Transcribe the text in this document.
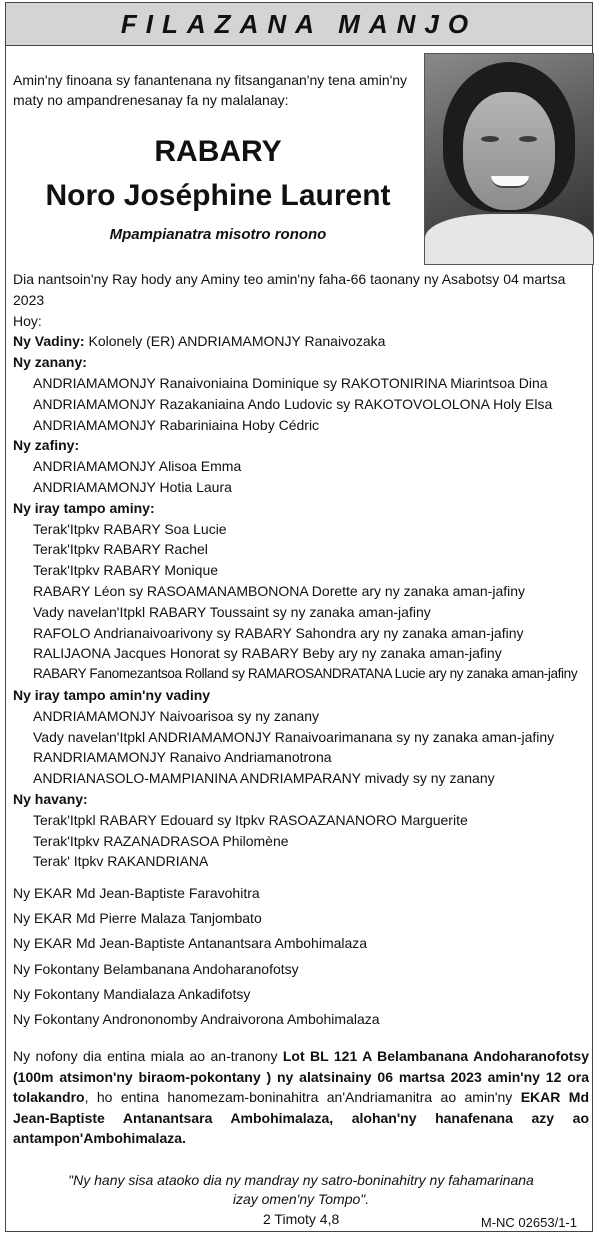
FILAZANA MANJO
Amin'ny finoana sy fanantenana ny fitsanganan'ny tena amin'ny maty no ampandrenesanay fa ny malalanay:
RABARY
Noro Joséphine Laurent
Mpampianatra misotro ronono
Dia nantsoin'ny Ray hody any Aminy teo amin'ny faha-66 taonany ny Asabotsy 04 martsa
2023
Hoy:
Ny Vadiny: Kolonely (ER) ANDRIAMAMONJY Ranaivozaka
Ny zanany:
ANDRIAMAMONJY Ranaivoniaina Dominique sy RAKOTONIRINA Miarintsoa Dina
ANDRIAMAMONJY Razakaniaina Ando Ludovic sy RAKOTOVOLOLONA Holy Elsa
ANDRIAMAMONJY Rabariniaina Hoby Cédric
Ny zafiny:
ANDRIAMAMONJY Alisoa Emma
ANDRIAMAMONJY Hotia Laura
Ny iray tampo aminy:
Terak'Itpkv RABARY Soa Lucie
Terak'Itpkv RABARY Rachel
Terak'Itpkv RABARY Monique
RABARY Léon sy RASOAMANAMBONONA Dorette ary ny zanaka aman-jafiny
Vady navelan'Itpkl RABARY Toussaint sy ny zanaka aman-jafiny
RAFOLO Andrianaivoarivony sy RABARY Sahondra ary ny zanaka aman-jafiny
RALIJAONA Jacques Honorat sy RABARY Beby ary ny zanaka aman-jafiny
RABARY Fanomezantsoa Rolland sy RAMAROSANDRATANA Lucie ary ny zanaka aman-jafiny
Ny iray tampo amin'ny vadiny
ANDRIAMAMONJY Naivoarisoa sy ny zanany
Vady navelan'Itpkl ANDRIAMAMONJY Ranaivoarimanana sy ny zanaka aman-jafiny
RANDRIAMAMONJY Ranaivo Andriamanotrona
ANDRIANASOLO-MAMPIANINA ANDRIAMPARANY mivady sy ny zanany
Ny havany:
Terak'Itpkl RABARY Edouard sy Itpkv RASOAZANANORO Marguerite
Terak'Itpkv RAZANADRASOA Philomène
Terak' Itpkv RAKANDRIANA
Ny EKAR Md Jean-Baptiste Faravohitra
Ny EKAR Md Pierre Malaza Tanjombato
Ny EKAR Md Jean-Baptiste Antanantsara Ambohimalaza
Ny Fokontany Belambanana Andoharanofotsy
Ny Fokontany Mandialaza Ankadifotsy
Ny Fokontany Andrononomby Andraivorona Ambohimalaza
Ny nofony dia entina miala ao an-tranony Lot BL 121 A Belambanana Andoharanofotsy (100m atsimon'ny biraom-pokontany ) ny alatsinainy 06 martsa 2023 amin'ny 12 ora tolakandro, ho entina hanomezam-boninahitra an'Andriamanitra ao amin'ny EKAR Md Jean-Baptiste Antanantsara Ambohimalaza, alohan'ny hanafenana azy ao antampon'Ambohimalaza.
"Ny hany sisa ataoko dia ny mandray ny satro-boninahitry ny fahamarinana
izay omen'ny Tompo".
2 Timoty 4,8	M-NC 02653/1-1
